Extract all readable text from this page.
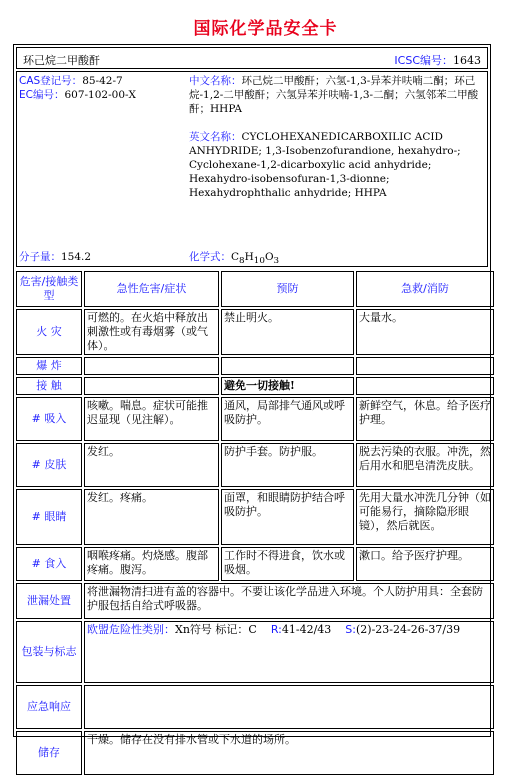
国际化学品安全卡
环己烷二甲酸酐	ICSC编号：1643

CAS登记号：85-42-7

EC编号：607-102-00-X

中文名称：环己烷二甲酸酐；六氢-1,3-异苯并呋喃二酮；环己烷-1,2-二甲酸酐；六氢异苯并呋喃-1,3-二酮；六氢邻苯二甲酸酐；HHPA

英文名称：CYCLOHEXANEDICARBOXILIC ACID ANHYDRIDE; 1,3-Isobenzofurandione, hexahydro-; Cyclohexane-1,2-dicarboxylic acid anhydride; Hexahydro-isobensofuran-1,3-dionne; Hexahydrophthalic anhydride; HHPA

分子量：154.2	化学式：$C_8H_{10}O_3$
危害/接触类型	急性危害/症状	预防	急救/消防
火 灾	可燃的。在火焰中释放出刺激性或有毒烟雾（或气体）。	禁止明火。	大量水。
爆 炸			
接 触		避免一切接触!	
# 吸入	咳嗽。喘息。症状可能推迟显现（见注解）。	通风，局部排气通风或呼吸防护。	新鲜空气，休息。给予医疗护理。
# 皮肤	发红。	防护手套。防护服。	脱去污染的衣服。冲洗，然后用水和肥皂清洗皮肤。
# 眼睛	发红。疼痛。	面罩，和眼睛防护结合呼吸防护。	先用大量水冲洗几分钟（如可能易行，摘除隐形眼镜），然后就医。
# 食入	咽喉疼痛。灼烧感。腹部疼痛。腹泻。	工作时不得进食，饮水或吸烟。	漱口。给予医疗护理。
泄漏处置	将泄漏物清扫进有盖的容器中。不要让该化学品进入环境。个人防护用具：全套防护服包括自给式呼吸器。		
包装与标志	欧盟危险性类别：Xn符号 标记：C R:41-42/43 S:(2)-23-24-26-37/39		
应急响应			
储存	干燥。储存在没有排水管或下水道的场所。		
